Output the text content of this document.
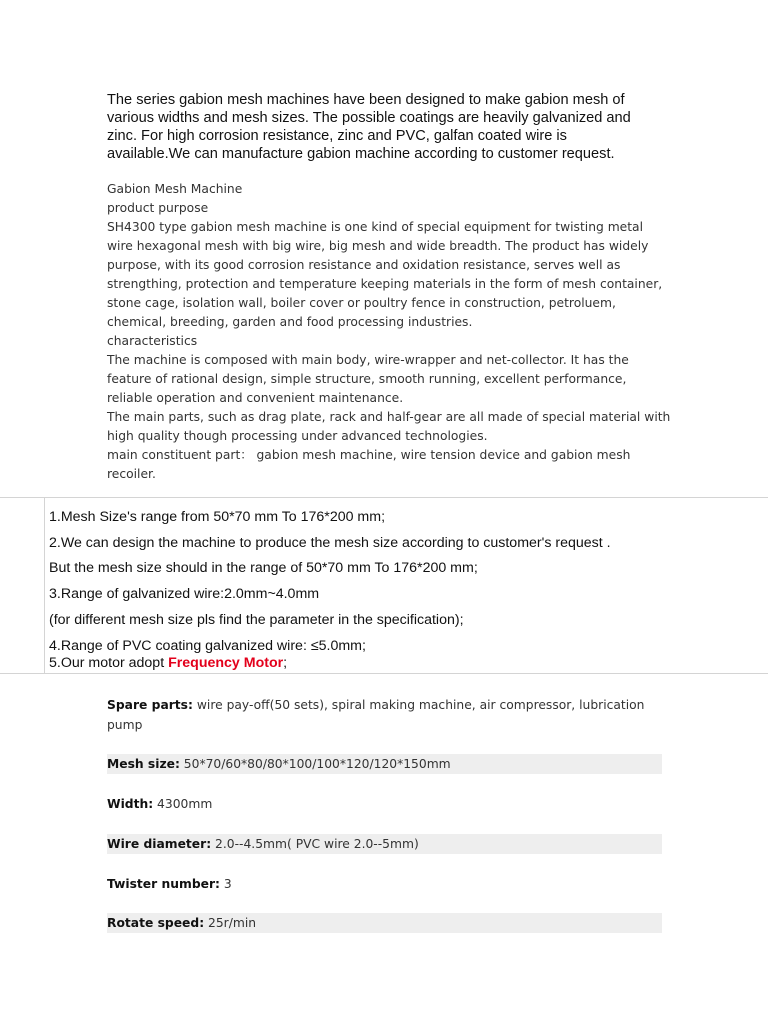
The series gabion mesh machines have been designed to make gabion mesh of
various widths and mesh sizes. The possible coatings are heavily galvanized and
zinc. For high corrosion resistance, zinc and PVC, galfan coated wire is
available.We can manufacture gabion machine according to customer request.
Gabion Mesh Machine
product purpose
SH4300 type gabion mesh machine is one kind of special equipment for twisting metal
wire hexagonal mesh with big wire, big mesh and wide breadth. The product has widely
purpose, with its good corrosion resistance and oxidation resistance, serves well as
strengthing, protection and temperature keeping materials in the form of mesh container,
stone cage, isolation wall, boiler cover or poultry fence in construction, petroluem,
chemical, breeding, garden and food processing industries.
characteristics
The machine is composed with main body, wire-wrapper and net-collector. It has the
feature of rational design, simple structure, smooth running, excellent performance,
reliable operation and convenient maintenance.
The main parts, such as drag plate, rack and half-gear are all made of special material with
high quality though processing under advanced technologies.
main constituent part： gabion mesh machine, wire tension device and gabion mesh
recoiler.
1.Mesh Size's range from 50*70 mm To 176*200 mm;
2.We can design the machine to produce the mesh size according to customer's request .
But the mesh size should in the range of 50*70 mm To 176*200 mm;
3.Range of galvanized wire:2.0mm~4.0mm
(for different mesh size pls find the parameter in the specification);
4.Range of PVC coating galvanized wire: ≤5.0mm;
5.Our motor adopt Frequency Motor;
Spare parts: wire pay-off(50 sets), spiral making machine, air compressor, lubrication
pump
Mesh size: 50*70/60*80/80*100/100*120/120*150mm
Width: 4300mm
Wire diameter: 2.0--4.5mm( PVC wire 2.0--5mm)
Twister number: 3
Rotate speed: 25r/min
